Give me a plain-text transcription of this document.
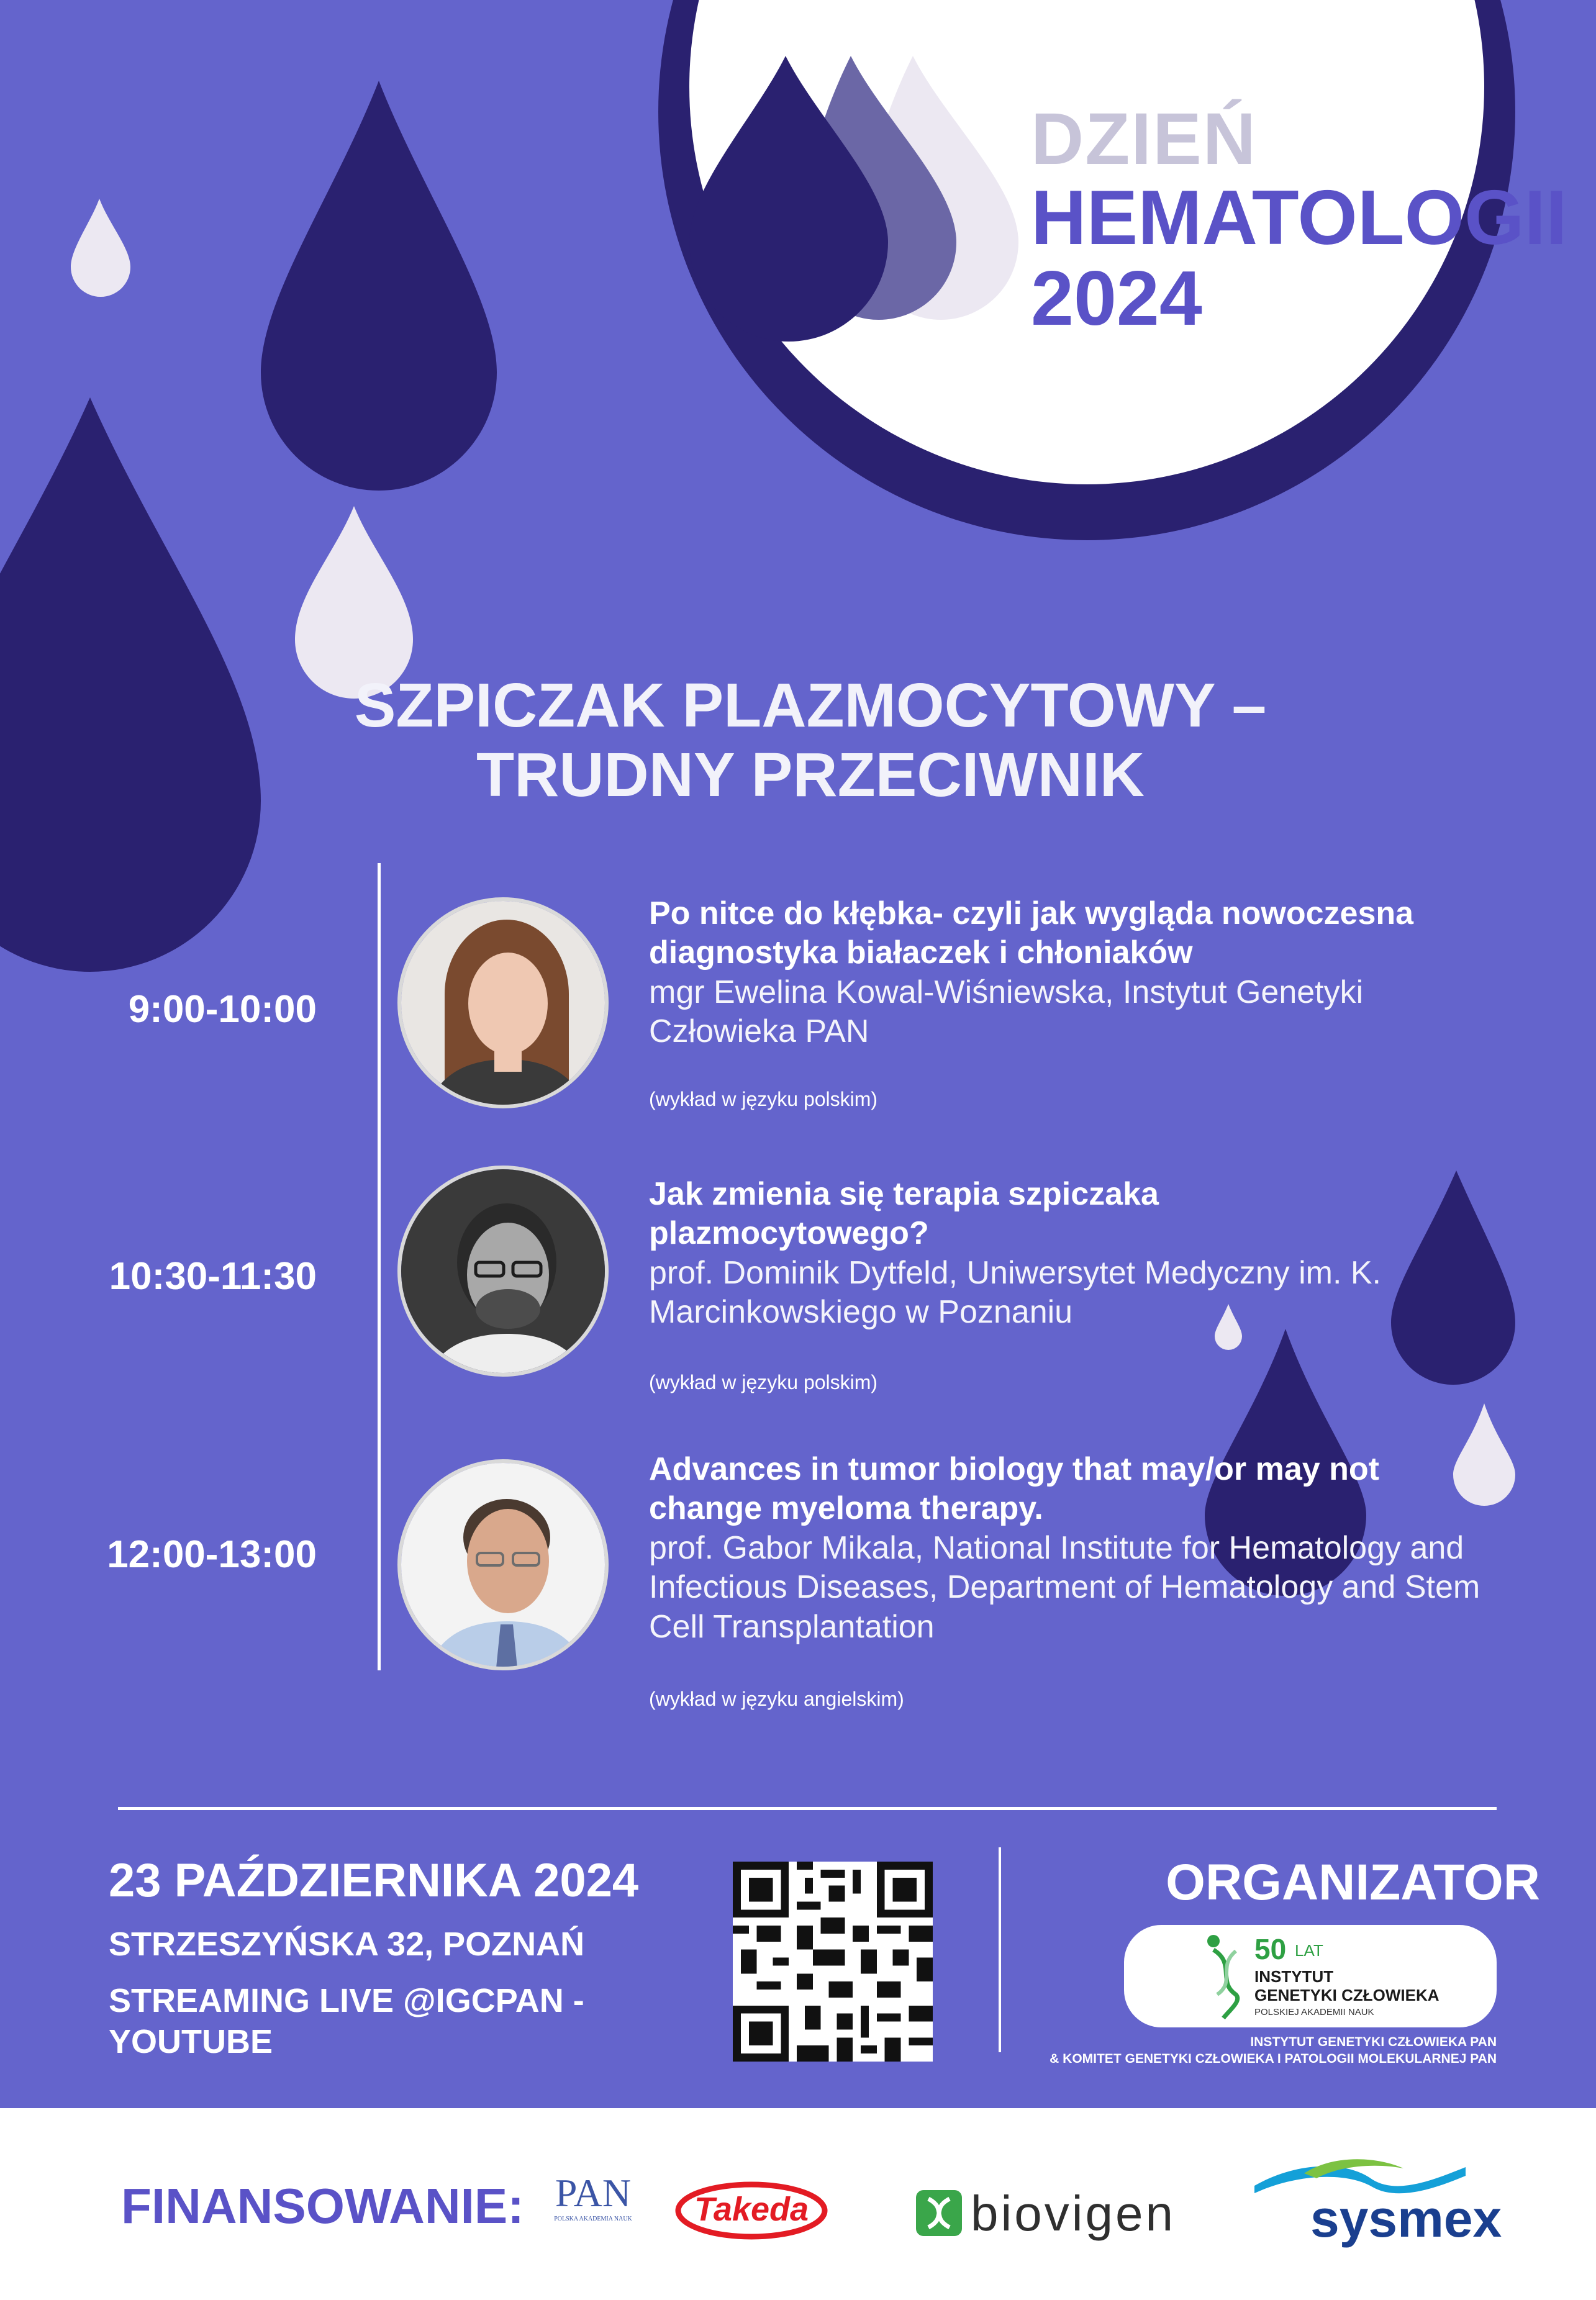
DZIEŃ
HEMATOLOGII
2024
SZPICZAK PLAZMOCYTOWY –
TRUDNY PRZECIWNIK
9:00-10:00
Po nitce do kłębka- czyli jak wygląda nowoczesna diagnostyka białaczek i chłoniaków
mgr Ewelina Kowal-Wiśniewska, Instytut Genetyki Człowieka PAN
(wykład w języku polskim)
10:30-11:30
Jak zmienia się terapia szpiczaka plazmocytowego?
prof. Dominik Dytfeld, Uniwersytet Medyczny im. K. Marcinkowskiego w Poznaniu
(wykład w języku polskim)
12:00-13:00
Advances in tumor biology that may/or may not change myeloma therapy.
prof. Gabor Mikala, National Institute for Hematology and Infectious Diseases, Department of Hematology and Stem Cell Transplantation
(wykład w języku angielskim)
23 PAŹDZIERNIKA 2024
STRZESZYŃSKA 32, POZNAŃ
STREAMING LIVE @IGCPAN - YOUTUBE
ORGANIZATOR
50 LAT
INSTYTUT
GENETYKI CZŁOWIEKA
POLSKIEJ AKADEMII NAUK
INSTYTUT GENETYKI CZŁOWIEKA PAN
& KOMITET GENETYKI CZŁOWIEKA I PATOLOGII MOLEKULARNEJ PAN
FINANSOWANIE: PAN
POLSKA AKADEMIA NAUK	Takeda	biovigen	sysmex
